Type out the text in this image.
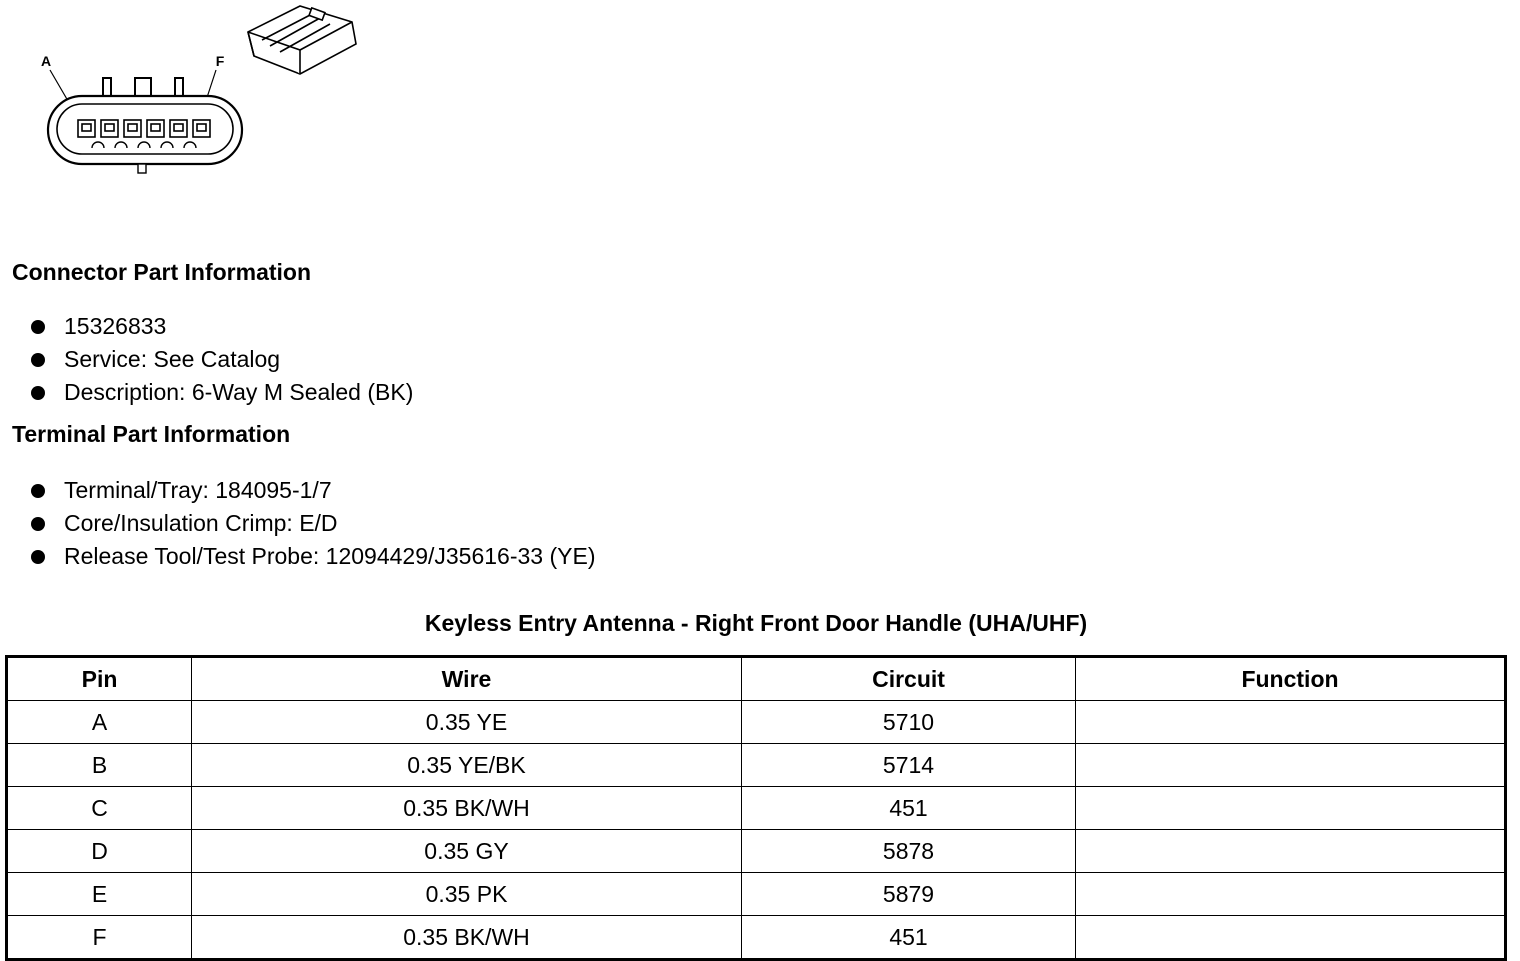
A	F
Connector Part Information
15326833
Service: See Catalog
Description: 6-Way M Sealed (BK)
Terminal Part Information
Terminal/Tray: 184095-1/7
Core/Insulation Crimp: E/D
Release Tool/Test Probe: 12094429/J35616-33 (YE)
Keyless Entry Antenna - Right Front Door Handle (UHA/UHF)
Pin	Wire	Circuit	Function
A	0.35 YE	5710	
B	0.35 YE/BK	5714	
C	0.35 BK/WH	451	
D	0.35 GY	5878	
E	0.35 PK	5879	
F	0.35 BK/WH	451	
